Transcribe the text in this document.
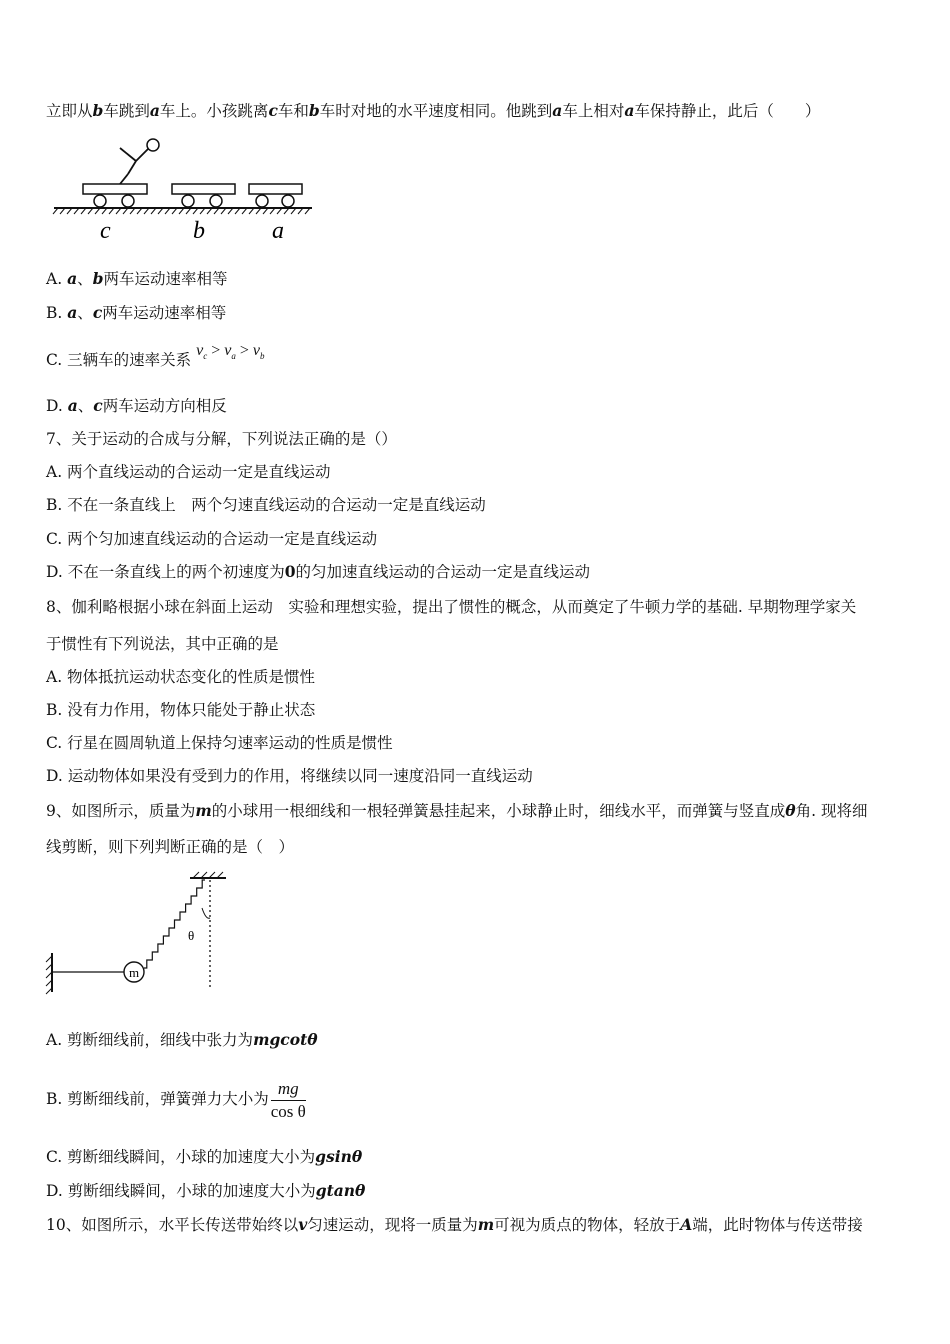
立即从b车跳到a车上。小孩跳离c车和b车时对地的水平速度相同。他跳到a车上相对a车保持静止，此后（　　）
c	b	a
A. a、b两车运动速率相等
B. a、c两车运动速率相等
C. 三辆车的速率关系 $v_c > v_a > v_b$
D. a、c两车运动方向相反
7、关于运动的合成与分解，下列说法正确的是（）
A. 两个直线运动的合运动一定是直线运动
B. 不在一条直线上　两个匀速直线运动的合运动一定是直线运动
C. 两个匀加速直线运动的合运动一定是直线运动
D. 不在一条直线上的两个初速度为0的匀加速直线运动的合运动一定是直线运动
8、伽利略根据小球在斜面上运动　实验和理想实验，提出了惯性的概念，从而奠定了牛顿力学的基础. 早期物理学家关
于惯性有下列说法，其中正确的是
A. 物体抵抗运动状态变化的性质是惯性
B. 没有力作用，物体只能处于静止状态
C. 行星在圆周轨道上保持匀速率运动的性质是惯性
D. 运动物体如果没有受到力的作用，将继续以同一速度沿同一直线运动
9、如图所示，质量为m的小球用一根细线和一根轻弹簧悬挂起来，小球静止时，细线水平，而弹簧与竖直成θ角. 现将细
线剪断，则下列判断正确的是（　）
m
θ
A. 剪断细线前，细线中张力为mgcotθ
B. 剪断细线前，弹簧弹力大小为 $\frac{mg}{\text{cos θ}}$
C. 剪断细线瞬间，小球的加速度大小为gsinθ
D. 剪断细线瞬间，小球的加速度大小为gtanθ
10、如图所示，水平长传送带始终以v匀速运动，现将一质量为m可视为质点的物体，轻放于A端，此时物体与传送带接
